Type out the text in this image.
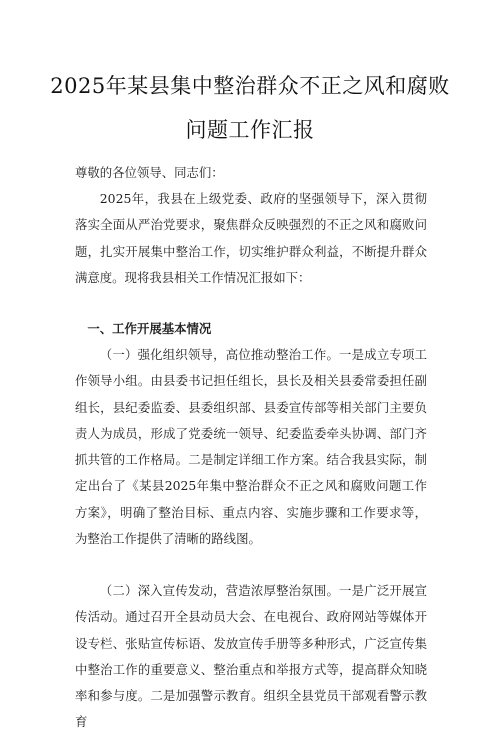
2025年某县集中整治群众不正之风和腐败
问题工作汇报
尊敬的各位领导、同志们：
2025年，我县在上级党委、政府的坚强领导下，深入贯彻落实全面从严治党要求，聚焦群众反映强烈的不正之风和腐败问题，扎实开展集中整治工作，切实维护群众利益，不断提升群众满意度。现将我县相关工作情况汇报如下：
一、工作开展基本情况
（一）强化组织领导，高位推动整治工作。一是成立专项工作领导小组。由县委书记担任组长，县长及相关县委常委担任副组长，县纪委监委、县委组织部、县委宣传部等相关部门主要负责人为成员，形成了党委统一领导、纪委监委牵头协调、部门齐抓共管的工作格局。二是制定详细工作方案。结合我县实际，制定出台了《某县2025年集中整治群众不正之风和腐败问题工作方案》，明确了整治目标、重点内容、实施步骤和工作要求等，为整治工作提供了清晰的路线图。
（二）深入宣传发动，营造浓厚整治氛围。一是广泛开展宣传活动。通过召开全县动员大会、在电视台、政府网站等媒体开设专栏、张贴宣传标语、发放宣传手册等多种形式，广泛宣传集中整治工作的重要意义、整治重点和举报方式等，提高群众知晓率和参与度。二是加强警示教育。组织全县党员干部观看警示教育
